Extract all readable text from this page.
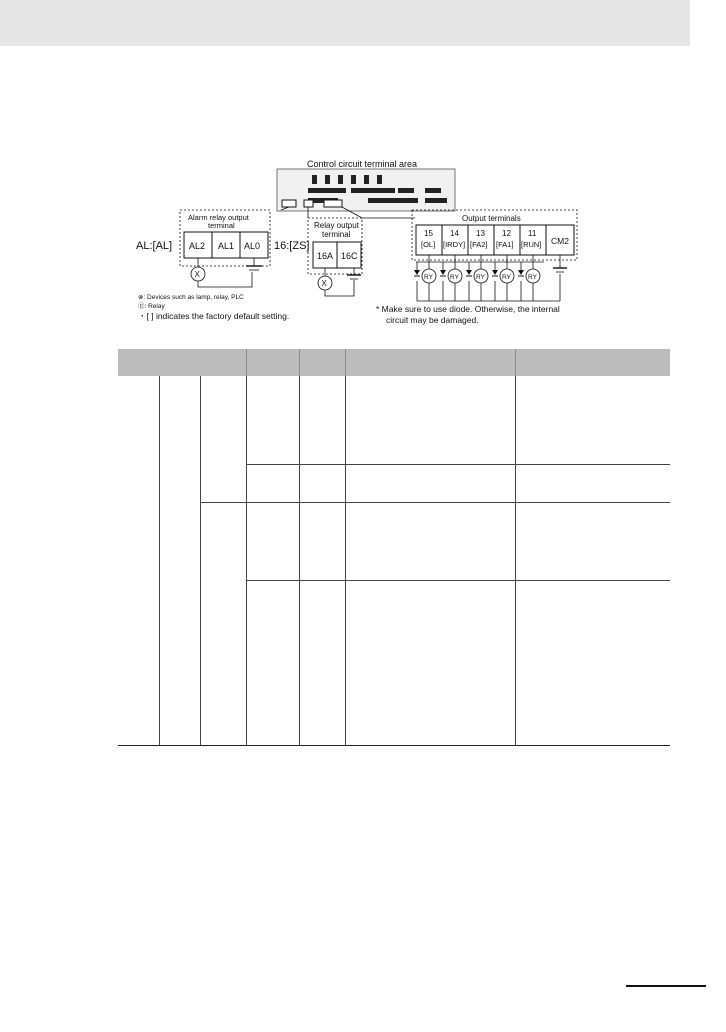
Control circuit terminal area
Alarm relay output
terminal
AL2 AL1 AL0
AL:[AL]
X
16:[ZS]
Relay output
terminal
16A 16C
X
Output terminals
15 14 13 12 11
[OL] [IRDY] [FA2] [FA1] [RUN] CM2
RY	RY	RY	RY	RY
⊗: Devices such as lamp, relay, PLC
Ⓡ: Relay
・[ ] indicates the factory default setting.
* Make sure to use diode. Otherwise, the internal
circuit may be damaged.
